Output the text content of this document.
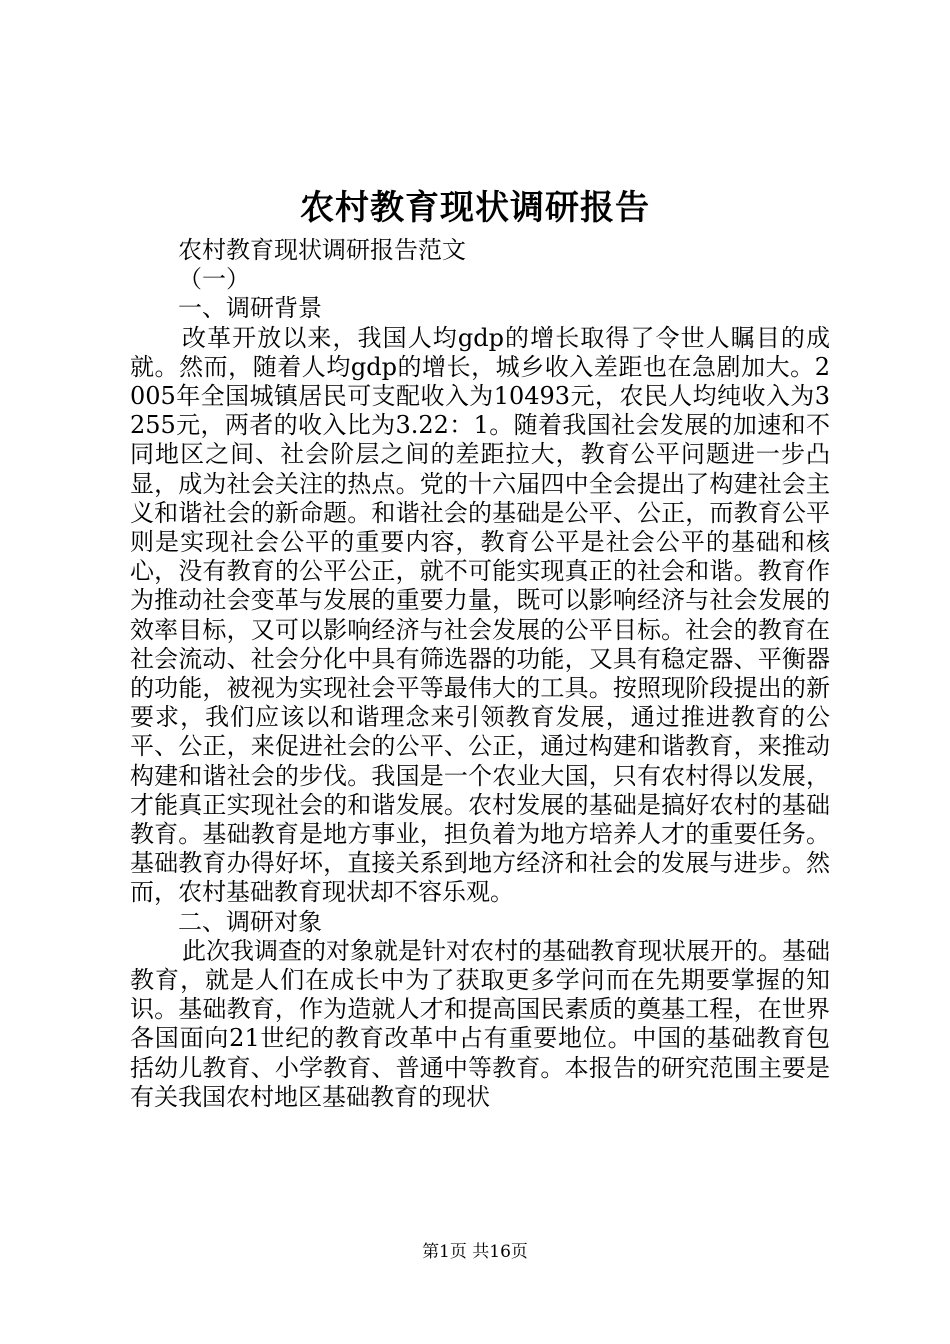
农村教育现状调研报告

农村教育现状调研报告范文

（一）

一、调研背景

改革开放以来，我国人均gdp的增长取得了令世人瞩目的成就。然而，随着人均gdp的增长，城乡收入差距也在急剧加大。2005年全国城镇居民可支配收入为10493元，农民人均纯收入为3255元，两者的收入比为3.22：1。随着我国社会发展的加速和不同地区之间、社会阶层之间的差距拉大，教育公平问题进一步凸显，成为社会关注的热点。党的十六届四中全会提出了构建社会主义和谐社会的新命题。和谐社会的基础是公平、公正，而教育公平则是实现社会公平的重要内容，教育公平是社会公平的基础和核心，没有教育的公平公正，就不可能实现真正的社会和谐。教育作为推动社会变革与发展的重要力量，既可以影响经济与社会发展的效率目标，又可以影响经济与社会发展的公平目标。社会的教育在社会流动、社会分化中具有筛选器的功能，又具有稳定器、平衡器的功能，被视为实现社会平等最伟大的工具。按照现阶段提出的新要求，我们应该以和谐理念来引领教育发展，通过推进教育的公平、公正，来促进社会的公平、公正，通过构建和谐教育，来推动构建和谐社会的步伐。我国是一个农业大国，只有农村得以发展，才能真正实现社会的和谐发展。农村发展的基础是搞好农村的基础教育。基础教育是地方事业，担负着为地方培养人才的重要任务。基础教育办得好坏，直接关系到地方经济和社会的发展与进步。然而，农村基础教育现状却不容乐观。

二、调研对象

此次我调查的对象就是针对农村的基础教育现状展开的。基础教育，就是人们在成长中为了获取更多学问而在先期要掌握的知识。基础教育，作为造就人才和提高国民素质的奠基工程，在世界各国面向21世纪的教育改革中占有重要地位。中国的基础教育包括幼儿教育、小学教育、普通中等教育。本报告的研究范围主要是有关我国农村地区基础教育的现状

第1页 共16页
